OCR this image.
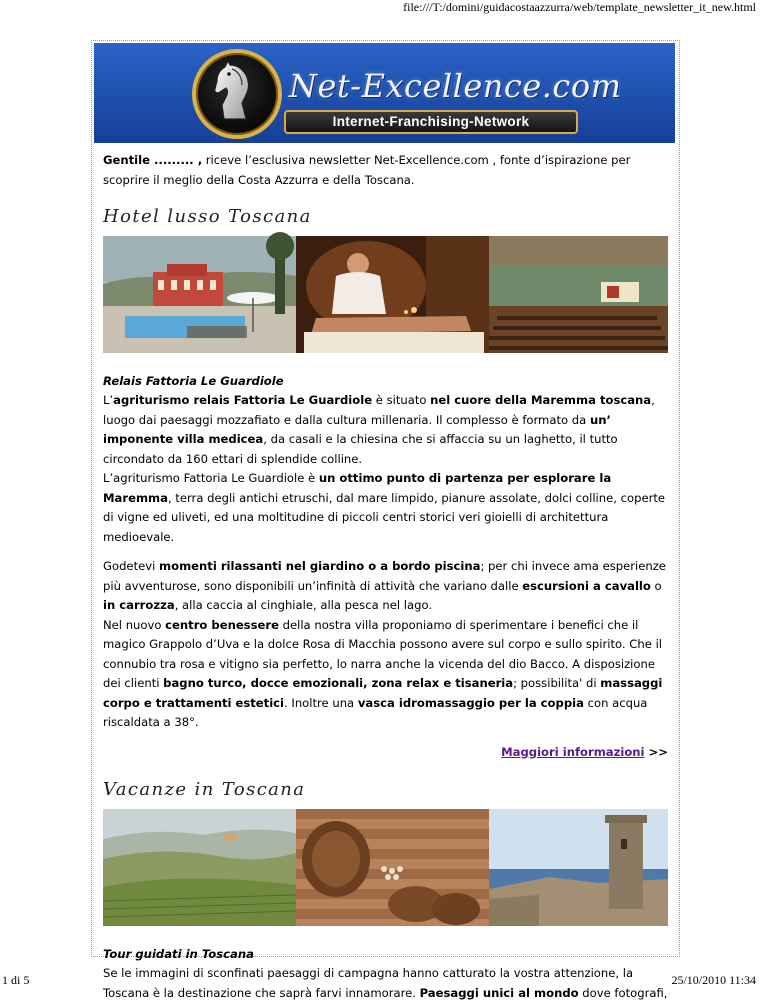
file:///T:/domini/guidacostaazzurra/web/template_newsletter_it_new.html
Net-Excellence.com
Internet-Franchising-Network

Gentile ......... , riceve l’esclusiva newsletter Net-Excellence.com , fonte d’ispirazione per scoprire il meglio della Costa Azzurra e della Toscana.

Hotel lusso Toscana

Relais Fattoria Le Guardiole

L’agriturismo relais Fattoria Le Guardiole è situato nel cuore della Maremma toscana, luogo dai paesaggi mozzafiato e dalla cultura millenaria. Il complesso è formato da un’ imponente villa medicea, da casali e la chiesina che si affaccia su un laghetto, il tutto circondato da 160 ettari di splendide colline.

L’agriturismo Fattoria Le Guardiole è un ottimo punto di partenza per esplorare la Maremma, terra degli antichi etruschi, dal mare limpido, pianure assolate, dolci colline, coperte di vigne ed uliveti, ed una moltitudine di piccoli centri storici veri gioielli di architettura medioevale.

Godetevi momenti rilassanti nel giardino o a bordo piscina; per chi invece ama esperienze più avventurose, sono disponibili un’infinità di attività che variano dalle escursioni a cavallo o in carrozza, alla caccia al cinghiale, alla pesca nel lago.

Nel nuovo centro benessere della nostra villa proponiamo di sperimentare i benefici che il magico Grappolo d’Uva e la dolce Rosa di Macchia possono avere sul corpo e sullo spirito. Che il connubio tra rosa e vitigno sia perfetto, lo narra anche la vicenda del dio Bacco. A disposizione dei clienti bagno turco, docce emozionali, zona relax e tisaneria; possibilita' di massaggi corpo e trattamenti estetici. Inoltre una vasca idromassaggio per la coppia con acqua riscaldata a 38°.

Maggiori informazioni >>

Vacanze in Toscana

Tour guidati in Toscana

Se le immagini di sconfinati paesaggi di campagna hanno catturato la vostra attenzione, la Toscana è la destinazione che saprà farvi innamorare. Paesaggi unici al mondo dove fotografi,

1 di 5	25/10/2010 11:34
